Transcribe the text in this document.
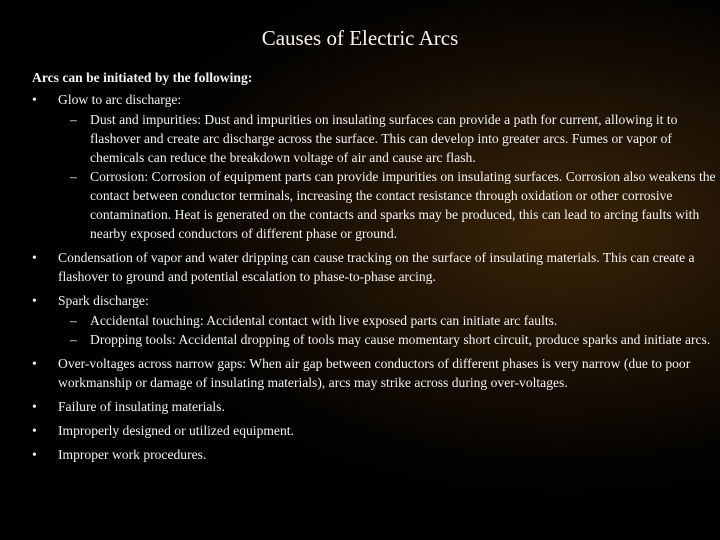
Causes of Electric Arcs
Arcs can be initiated by the following:
• Glow to arc discharge:
– Dust and impurities: Dust and impurities on insulating surfaces can provide a path for current, allowing it to flashover and create arc discharge across the surface. This can develop into greater arcs. Fumes or vapor of chemicals can reduce the breakdown voltage of air and cause arc flash.
– Corrosion: Corrosion of equipment parts can provide impurities on insulating surfaces. Corrosion also weakens the contact between conductor terminals, increasing the contact resistance through oxidation or other corrosive contamination. Heat is generated on the contacts and sparks may be produced, this can lead to arcing faults with nearby exposed conductors of different phase or ground.
• Condensation of vapor and water dripping can cause tracking on the surface of insulating materials. This can create a flashover to ground and potential escalation to phase-to-phase arcing.
• Spark discharge:
– Accidental touching: Accidental contact with live exposed parts can initiate arc faults.
– Dropping tools: Accidental dropping of tools may cause momentary short circuit, produce sparks and initiate arcs.
• Over-voltages across narrow gaps: When air gap between conductors of different phases is very narrow (due to poor workmanship or damage of insulating materials), arcs may strike across during over-voltages.
• Failure of insulating materials.
• Improperly designed or utilized equipment.
• Improper work procedures.
